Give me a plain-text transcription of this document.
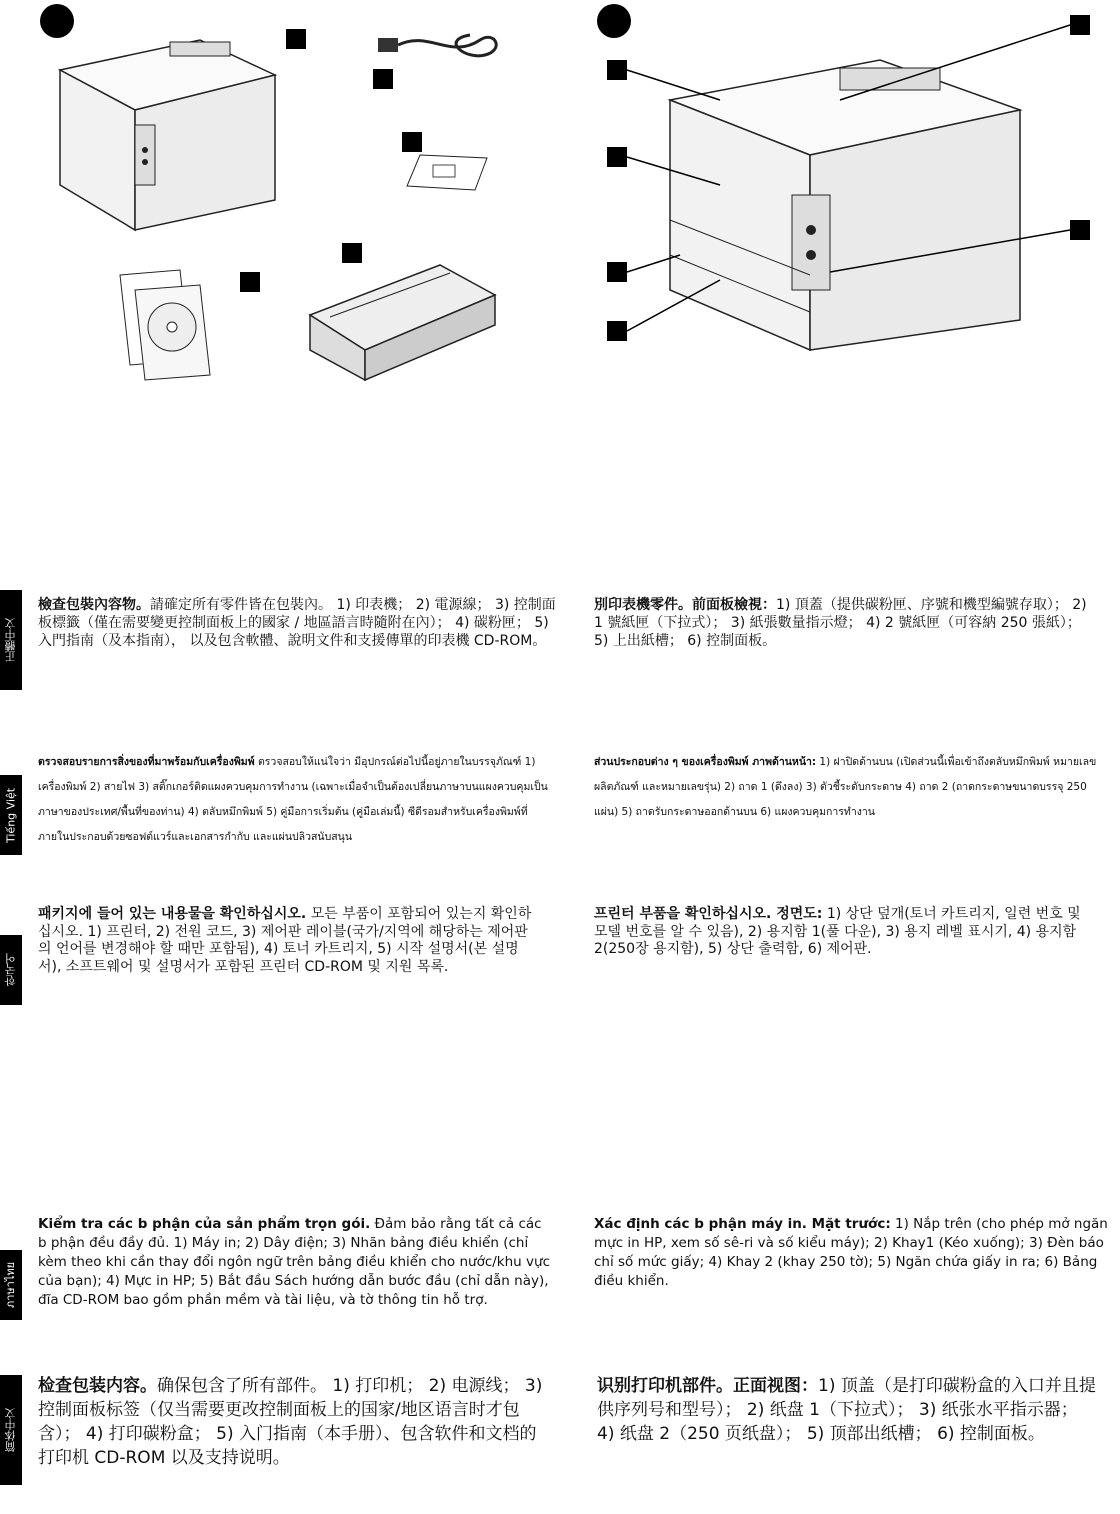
正體中文
Tiếng Việt
한국어
ภาษาไทย
简体中文
檢查包裝內容物。請確定所有零件皆在包裝內。 1) 印表機； 2) 電源線； 3) 控制面板標籤（僅在需要變更控制面板上的國家 / 地區語言時隨附在內）； 4) 碳粉匣； 5) 入門指南（及本指南）， 以及包含軟體、說明文件和支援傳單的印表機 CD-ROM。
別印表機零件。前面板檢視：1) 頂蓋（提供碳粉匣、序號和機型編號存取）； 2) 1 號紙匣（下拉式）； 3) 紙張數量指示燈； 4) 2 號紙匣（可容納 250 張紙）； 5) 上出紙槽； 6) 控制面板。
ตรวจสอบรายการสิ่งของที่มาพร้อมกับเครื่องพิมพ์ ตรวจสอบให้แน่ใจว่า มีอุปกรณ์ต่อไปนี้อยู่ภายในบรรจุภัณฑ์ 1) เครื่องพิมพ์ 2) สายไฟ 3) สติ๊กเกอร์ติดแผงควบคุมการทำงาน (เฉพาะเมื่อจำเป็นต้องเปลี่ยนภาษาบนแผงควบคุมเป็นภาษาของประเทศ/พื้นที่ของท่าน) 4) ตลับหมึกพิมพ์ 5) คู่มือการเริ่มต้น (คู่มือเล่มนี้) ซีดีรอมสำหรับเครื่องพิมพ์ที่ภายในประกอบด้วยซอฟต์แวร์และเอกสารกำกับ และแผ่นปลิวสนับสนุน
ส่วนประกอบต่าง ๆ ของเครื่องพิมพ์ ภาพด้านหน้า: 1) ฝาปิดด้านบน (เปิดส่วนนี้เพื่อเข้าถึงตลับหมึกพิมพ์ หมายเลขผลิตภัณฑ์ และหมายเลขรุ่น) 2) ถาด 1 (ดึงลง) 3) ตัวชี้ระดับกระดาษ 4) ถาด 2 (ถาดกระดาษขนาดบรรจุ 250 แผ่น) 5) ถาดรับกระดาษออกด้านบน 6) แผงควบคุมการทำงาน
패키지에 들어 있는 내용물을 확인하십시오. 모든 부품이 포함되어 있는지 확인하십시오. 1) 프린터, 2) 전원 코드, 3) 제어판 레이블(국가/지역에 해당하는 제어판의 언어를 변경해야 할 때만 포함됨), 4) 토너 카트리지, 5) 시작 설명서(본 설명서), 소프트웨어 및 설명서가 포함된 프린터 CD-ROM 및 지원 목록.
프린터 부품을 확인하십시오. 정면도: 1) 상단 덮개(토너 카트리지, 일련 번호 및 모델 번호를 알 수 있음), 2) 용지함 1(풀 다운), 3) 용지 레벨 표시기, 4) 용지함 2(250장 용지함), 5) 상단 출력함, 6) 제어판.
Kiểm tra các b phận của sản phẩm trọn gói. Đảm bảo rằng tất cả các b phận đều đầy đủ. 1) Máy in; 2) Dây điện; 3) Nhãn bảng điều khiển (chỉ kèm theo khi cần thay đổi ngôn ngữ trên bảng điều khiển cho nước/khu vực của bạn); 4) Mực in HP; 5) Bắt đầu Sách hướng dẫn bước đầu (chỉ dẫn này), đĩa CD-ROM bao gồm phần mềm và tài liệu, và tờ thông tin hỗ trợ.
Xác định các b phận máy in. Mặt trước: 1) Nắp trên (cho phép mở ngăn mực in HP, xem số sê-ri và số kiểu máy); 2) Khay1 (Kéo xuống); 3) Đèn báo chỉ số mức giấy; 4) Khay 2 (khay 250 tờ); 5) Ngăn chứa giấy in ra; 6) Bảng điều khiển.
检查包装内容。确保包含了所有部件。 1) 打印机； 2) 电源线； 3) 控制面板标签（仅当需要更改控制面板上的国家/地区语言时才包含）； 4) 打印碳粉盒； 5) 入门指南（本手册）、包含软件和文档的打印机 CD-ROM 以及支持说明。
识别打印机部件。正面视图：1) 顶盖（是打印碳粉盒的入口并且提供序列号和型号）； 2) 纸盘 1（下拉式）； 3) 纸张水平指示器； 4) 纸盘 2（250 页纸盘）； 5) 顶部出纸槽； 6) 控制面板。
